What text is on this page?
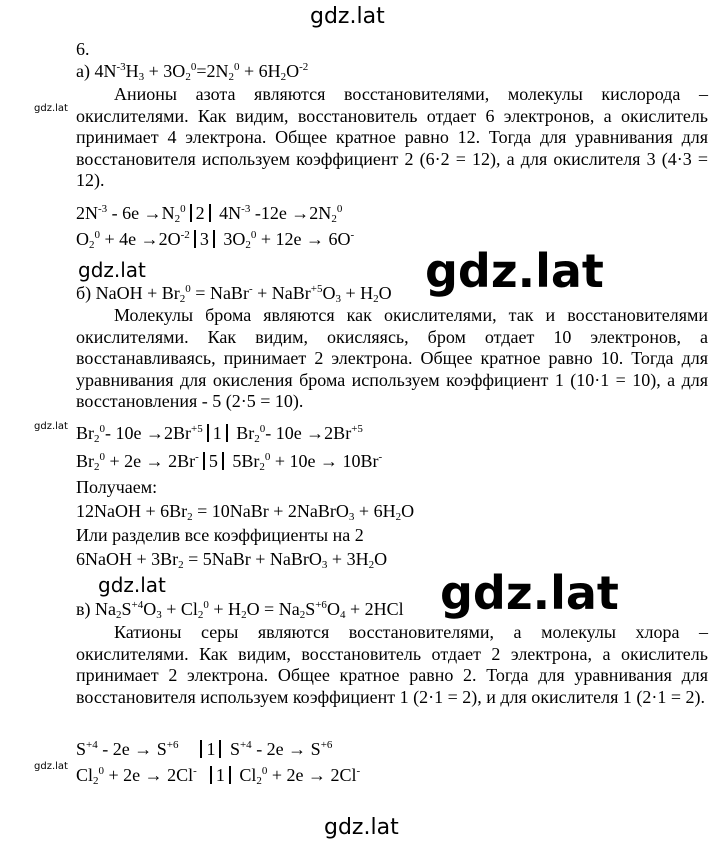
gdz.lat
gdz.lat
gdz.lat	gdz.lat
gdz.lat
gdz.lat	gdz.lat
gdz.lat
gdz.lat
6.
а) $4N^{-3}H_3 + 3O_2^0=2N_2^0 + 6H_2O^{-2}$
Анионы азота являются восстановителями, молекулы кислорода – окислителями. Как видим, восстановитель отдает 6 электронов, а окислитель принимает 4 электрона. Общее кратное равно 12. Тогда для уравнивания для восстановителя используем коэффициент 2 (6·2 = 12), а для окислителя 3 (4·3 = 12).
$2N^{-3} - 6e \to N_2^0$ 2 $4N^{-3}$ $-12e \to 2N_2^0$
$O_2^0 + 4e \to 2O^{-2}$ 3 $3O_2^0 + 12e \to 6O^-$
б) NaOH + $Br_2^0$ = NaBr- + $NaBr^{+5}O_3 + H_2O$
Молекулы брома являются как окислителями, так и восстановителями окислителями. Как видим, окисляясь, бром отдает 10 электронов, а восстанавливаясь, принимает 2 электрона. Общее кратное равно 10. Тогда для уравнивания для окисления брома используем коэффициент 1 (10·1 = 10), а для восстановления - 5 (2·5 = 10).
$Br_2^0-$ $10e \to 2Br^{+5}$ 1 $Br_2^0-$ $10e \to 2Br^{+5}$
$Br_2^0 + 2e \to 2Br^-$ 5 $5Br_2^0 + 10e \to 10Br^-$
Получаем:
12NaOH + $6Br_2$ = 10NaBr + 2NaBrO$_3$ + $6H_2O$
Или разделив все коэффициенты на 2
6NaOH + $3Br_2$ = 5NaBr + NaBrO$_3$ + $3H_2O$
в) $Na_2S^{+4}O_3 + Cl_2^0 + H_2O = Na_2S^{+6}O_4 + 2HCl$
Катионы серы являются восстановителями, а молекулы хлора – окислителями. Как видим, восстановитель отдает 2 электрона, а окислитель принимает 2 электрона. Общее кратное равно 2. Тогда для уравнивания для восстановителя используем коэффициент 1 (2·1 = 2), и для окислителя 1 (2·1 = 2).
$S^{+4} - 2e \to S^{+6}$ 1 $S^{+4} - 2e \to S^{+6}$
$Cl_2^0 + 2e \to 2Cl^-$ 1 $Cl_2^0 + 2e \to 2Cl^-$
